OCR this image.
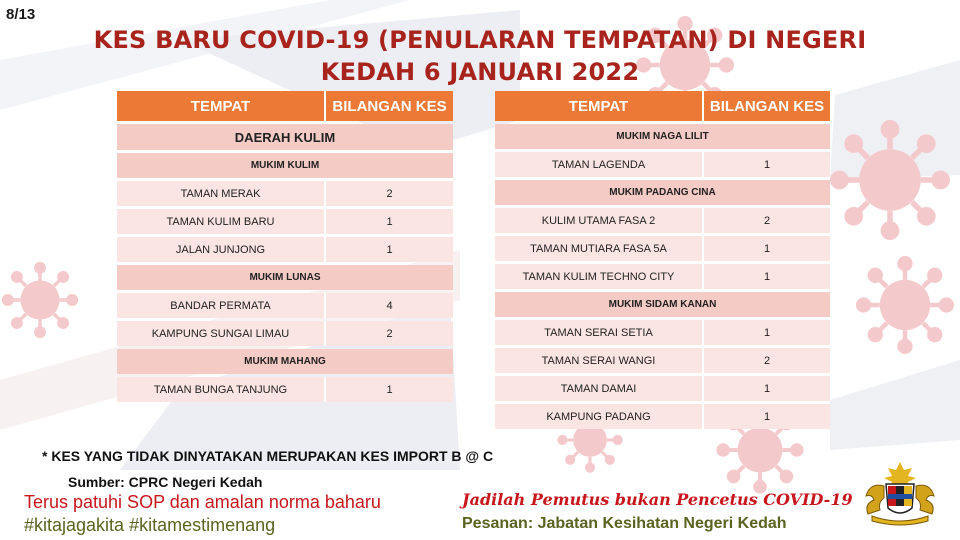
8/13
KES BARU COVID-19 (PENULARAN TEMPATAN) DI NEGERI
KEDAH 6 JANUARI 2022
TEMPAT	BILANGAN KES
DAERAH KULIM	
MUKIM KULIM	
TAMAN MERAK	2
TAMAN KULIM BARU	1
JALAN JUNJONG	1
MUKIM LUNAS	
BANDAR PERMATA	4
KAMPUNG SUNGAI LIMAU	2
MUKIM MAHANG	
TAMAN BUNGA TANJUNG	1
TEMPAT	BILANGAN KES
MUKIM NAGA LILIT	
TAMAN LAGENDA	1
MUKIM PADANG CINA	
KULIM UTAMA FASA 2	2
TAMAN MUTIARA FASA 5A	1
TAMAN KULIM TECHNO CITY	1
MUKIM SIDAM KANAN	
TAMAN SERAI SETIA	1
TAMAN SERAI WANGI	2
TAMAN DAMAI	1
KAMPUNG PADANG	1
* KES YANG TIDAK DINYATAKAN MERUPAKAN KES IMPORT B @ C
Sumber: CPRC Negeri Kedah
Terus patuhi SOP dan amalan norma baharu
#kitajagakita #kitamestimenang
Jadilah Pemutus bukan Pencetus COVID-19
Pesanan: Jabatan Kesihatan Negeri Kedah
